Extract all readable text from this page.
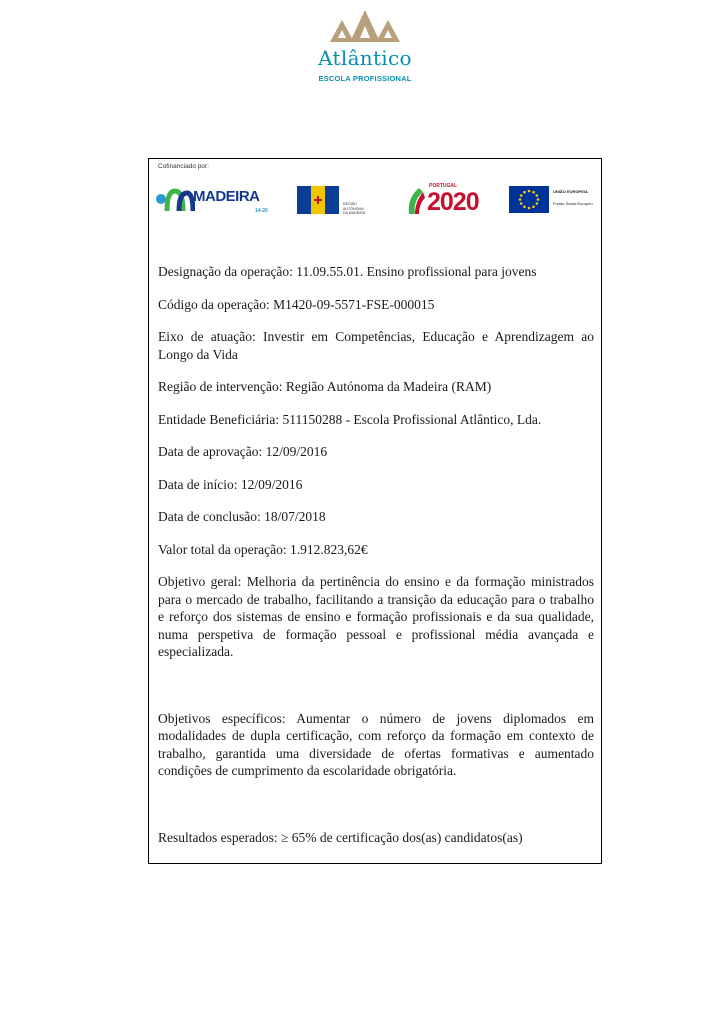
Atlântico
ESCOLA PROFISSIONAL
Cofinanciado por:
MADEIRA
14-20
REGIÃO AUTÓNOMA
DA MADEIRA
PORTUGAL
2020	UNIÃO EUROPEIA
Fundo Social Europeu

Designação da operação: 11.09.55.01. Ensino profissional para jovens

Código da operação: M1420-09-5571-FSE-000015

Eixo de atuação: Investir em Competências, Educação e Aprendizagem ao Longo da Vida

Região de intervenção: Região Autónoma da Madeira (RAM)

Entidade Beneficiária: 511150288 - Escola Profissional Atlântico, Lda.

Data de aprovação: 12/09/2016

Data de início: 12/09/2016

Data de conclusão: 18/07/2018

Valor total da operação: 1.912.823,62€

Objetivo geral: Melhoria da pertinência do ensino e da formação ministrados para o mercado de trabalho, facilitando a transição da educação para o trabalho e reforço dos sistemas de ensino e formação profissionais e da sua qualidade, numa perspetiva de formação pessoal e profissional média avançada e especializada.

Objetivos específicos: Aumentar o número de jovens diplomados em modalidades de dupla certificação, com reforço da formação em contexto de trabalho, garantida uma diversidade de ofertas formativas e aumentado condições de cumprimento da escolaridade obrigatória.

Resultados esperados: ≥ 65% de certificação dos(as) candidatos(as)
